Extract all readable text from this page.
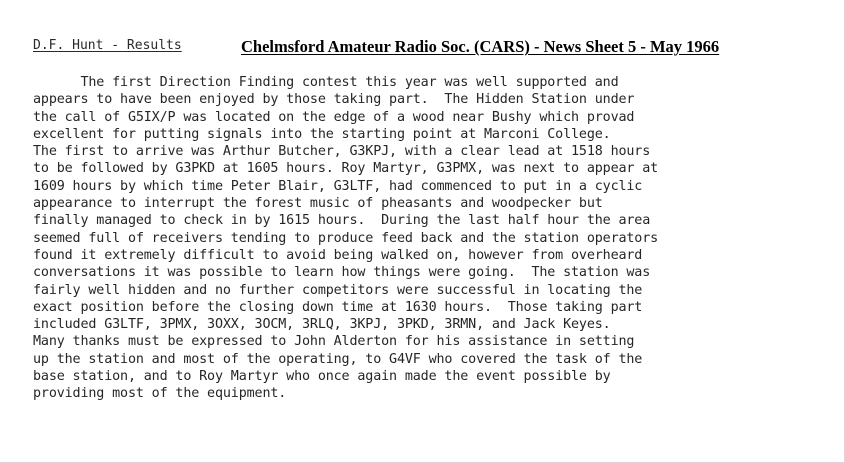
D.F. Hunt - Results	Chelmsford Amateur Radio Soc. (CARS) - News Sheet 5 - May 1966
The first Direction Finding contest this year was well supported and
appears to have been enjoyed by those taking part.  The Hidden Station under
the call of G5IX/P was located on the edge of a wood near Bushy which provad
excellent for putting signals into the starting point at Marconi College.
The first to arrive was Arthur Butcher, G3KPJ, with a clear lead at 1518 hours
to be followed by G3PKD at 1605 hours. Roy Martyr, G3PMX, was next to appear at
1609 hours by which time Peter Blair, G3LTF, had commenced to put in a cyclic
appearance to interrupt the forest music of pheasants and woodpecker but
finally managed to check in by 1615 hours.  During the last half hour the area
seemed full of receivers tending to produce feed back and the station operators
found it extremely difficult to avoid being walked on, however from overheard
conversations it was possible to learn how things were going.  The station was
fairly well hidden and no further competitors were successful in locating the
exact position before the closing down time at 1630 hours.  Those taking part
included G3LTF, 3PMX, 3OXX, 3OCM, 3RLQ, 3KPJ, 3PKD, 3RMN, and Jack Keyes.
Many thanks must be expressed to John Alderton for his assistance in setting
up the station and most of the operating, to G4VF who covered the task of the
base station, and to Roy Martyr who once again made the event possible by
providing most of the equipment.
